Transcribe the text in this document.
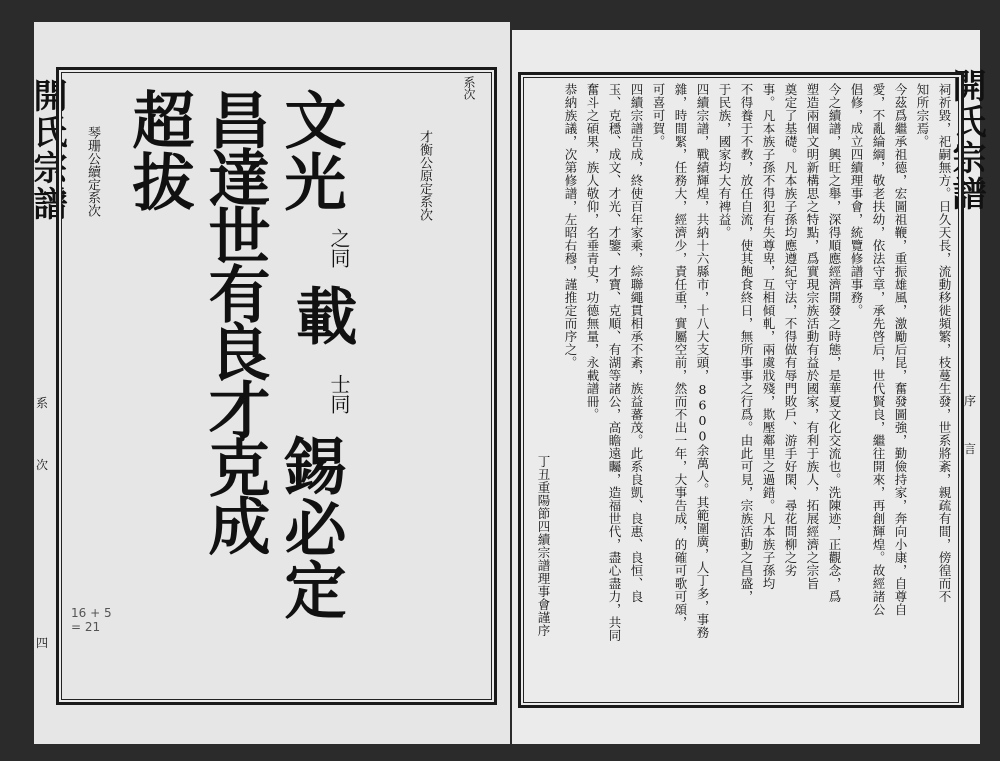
開氏宗譜	系次
才衡公原定系次
文光
之同
載
士同
錫必定
昌達世有良才克成
超拔
琴珊公續定系次
16 + 5 = 21
系
次
四
開氏宗譜
祠祈毀，祀嗣無方。日久天長，流動移徙頻繁，枝蔓生發，世系將紊，親疏有間，傍徨而不
知所宗焉。
今茲爲繼承祖德，宏圖祖鞭，重振雄風，激勵后昆，奮發圖強，勤儉持家，奔向小康，自尊自
愛，不亂綸綱，敬老扶幼，依法守章，承先啓后，世代賢良，繼往開來，再創輝煌。故經諸公
倡修，成立四續理事會，統覽修譜事務。
今之續譜，興旺之舉，深得順應經濟開發之時態，是華夏文化交流也。洗陳迹，正觀念，爲
塑造兩個文明新構思之特點，爲實現宗族活動有益於國家，有利于族人，拓展經濟之宗旨
奠定了基礎。凡本族子孫均應遵紀守法，不得做有辱門敗戶、游手好閑、尋花問柳之劣
事。凡本族子孫不得犯有失尊卑，互相傾軋，兩虞戕殘，欺壓鄰里之過錯。凡本族子孫均
不得養于不教，放任自流，使其飽食終日，無所事事之行爲。由此可見，宗族活動之昌盛，
于民族，國家均大有裨益。
四續宗譜，戰績輝煌，共納十六縣市，十八大支頭，8600余萬人。其範圍廣，人丁多，事務
雜，時間緊，任務大，經濟少，責任重，實屬空前，然而不出一年，大事告成，的確可歌可頌，
可喜可賀。
四續宗譜告成，終使百年家乘，綜聯繩貫相承不紊，族益蕃茂。此系良凱、良惠、良恒、良
玉、克穩、成文、才光、才鑒、才寶、克順、有湖等諸公，高瞻遠矚，造福世代，盡心盡力，共同
奮斗之碩果，族人敬仰，名垂青史，功德無量，永載譜冊。
恭納族議，次第修譜，左昭右穆，謹推定而序之。
丁丑重陽節四續宗譜理事會謹序
序
言
